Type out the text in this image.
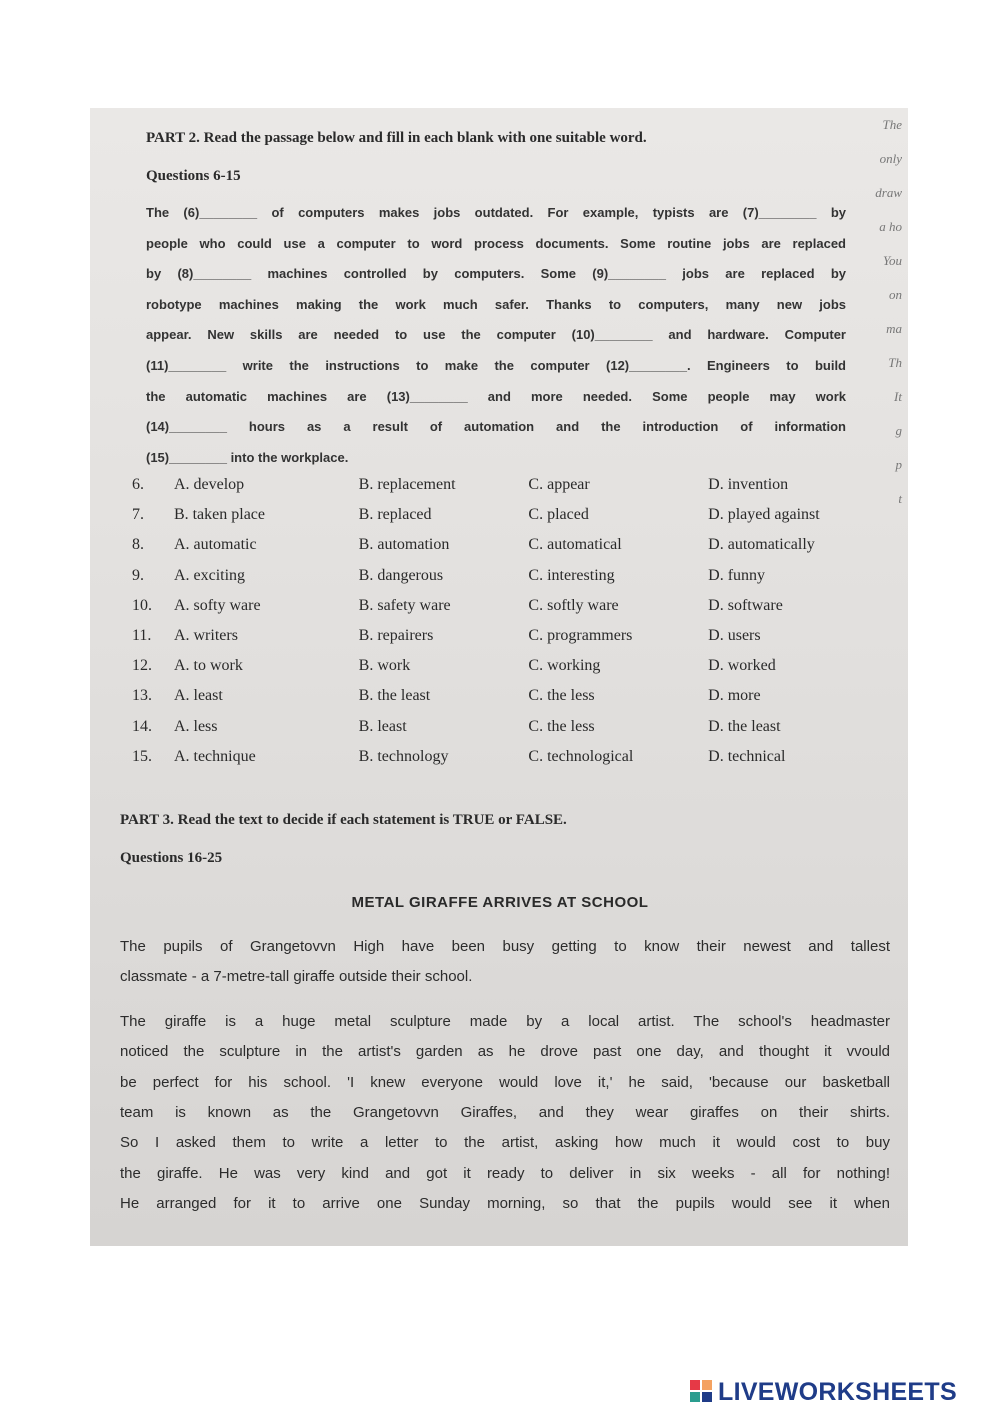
PART 2. Read the passage below and fill in each blank with one suitable word.
Questions 6-15
The (6)________ of computers makes jobs outdated. For example, typists are (7)________ by
people who could use a computer to word process documents. Some routine jobs are replaced
by (8)________ machines controlled by computers. Some (9)________ jobs are replaced by
robotype machines making the work much safer. Thanks to computers, many new jobs
appear. New skills are needed to use the computer (10)________ and hardware. Computer
(11)________ write the instructions to make the computer (12)________. Engineers to build
the automatic machines are (13)________ and more needed. Some people may work
(14)________ hours as a result of automation and the introduction of information
(15)________ into the workplace.
6.	A. develop	B. replacement	C. appear	D. invention
7.	B. taken place	B. replaced	C. placed	D. played against
8.	A. automatic	B. automation	C. automatical	D. automatically
9.	A. exciting	B. dangerous	C. interesting	D. funny
10.	A. softy ware	B. safety ware	C. softly ware	D. software
11.	A. writers	B. repairers	C. programmers	D. users
12.	A. to work	B. work	C. working	D. worked
13.	A. least	B. the least	C. the less	D. more
14.	A. less	B. least	C. the less	D. the least
15.	A. technique	B. technology	C. technological	D. technical
PART 3. Read the text to decide if each statement is TRUE or FALSE.
Questions 16-25
METAL GIRAFFE ARRIVES AT SCHOOL
The pupils of Grangetovvn High have been busy getting to know their newest and tallest
classmate - a 7-metre-tall giraffe outside their school.
The giraffe is a huge metal sculpture made by a local artist. The school's headmaster
noticed the sculpture in the artist's garden as he drove past one day, and thought it vvould
be perfect for his school. 'I knew everyone would love it,' he said, 'because our basketball
team is known as the Grangetovvn Giraffes, and they wear giraffes on their shirts.
So I asked them to write a letter to the artist, asking how much it would cost to buy
the giraffe. He was very kind and got it ready to deliver in six weeks - all for nothing!
He arranged for it to arrive one Sunday morning, so that the pupils would see it when
The
only
draw
a ho
You
on
ma
Th
It
g
p
t
LIVEWORKSHEETS
